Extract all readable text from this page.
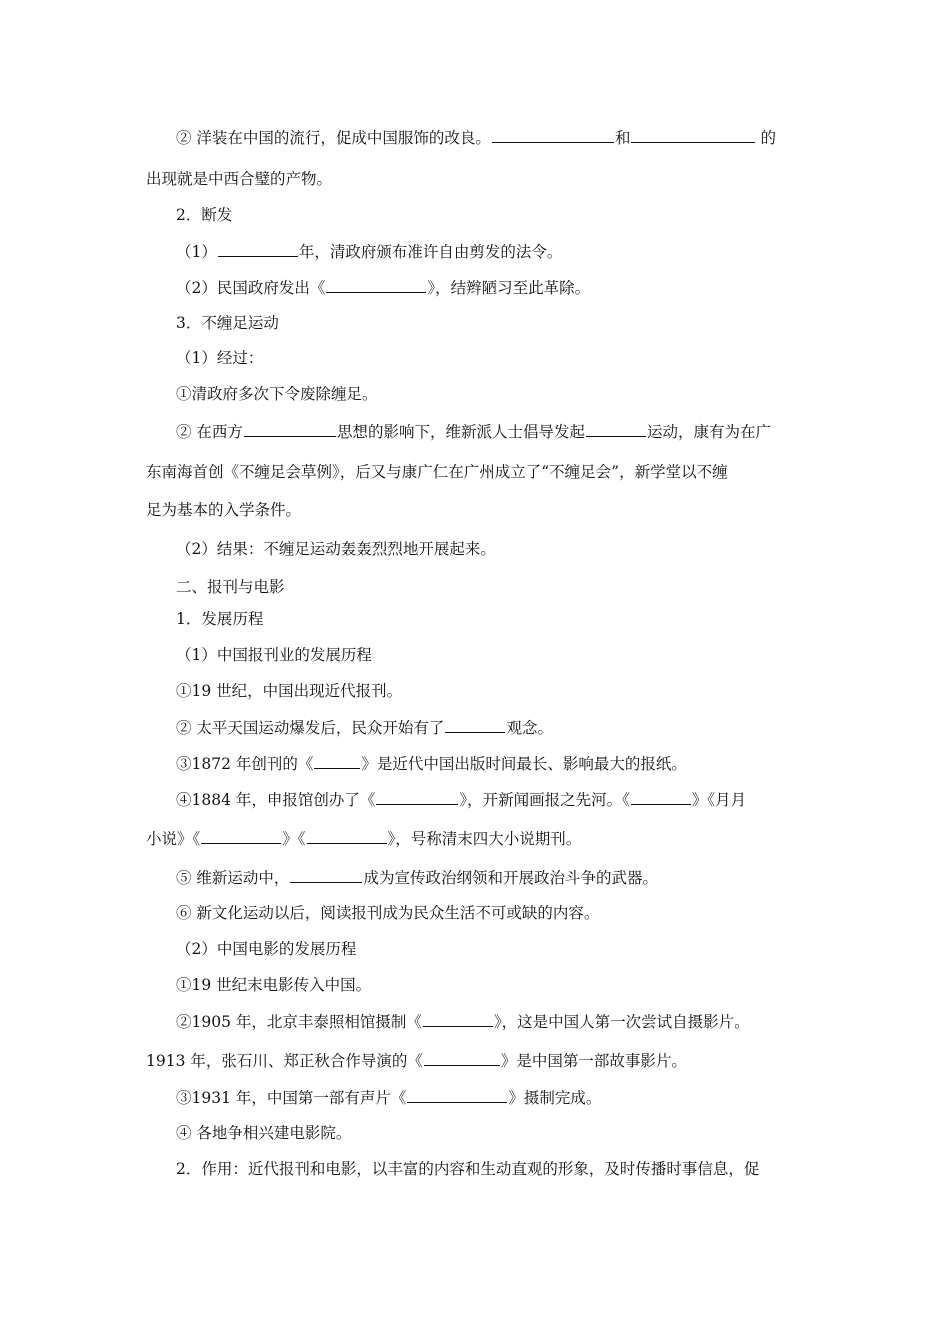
② 洋装在中国的流行，促成中国服饰的改良。	和	的
出现就是中西合璧的产物。
2．断发
（1）	年，清政府颁布准许自由剪发的法令。
（2）民国政府发出《	》，结辫陋习至此革除。
3．不缠足运动
（1）经过：
①清政府多次下令废除缠足。
② 在西方	思想的影响下，维新派人士倡导发起	运动，康有为在广
东南海首创《不缠足会草例》，后又与康广仁在广州成立了“不缠足会”，新学堂以不缠
足为基本的入学条件。
（2）结果：不缠足运动轰轰烈烈地开展起来。
二、报刊与电影
1．发展历程
（1）中国报刊业的发展历程
①19 世纪，中国出现近代报刊。
② 太平天国运动爆发后，民众开始有了	观念。
③1872 年创刊的《	》是近代中国出版时间最长、影响最大的报纸。
④1884 年，申报馆创办了《	》，开新闻画报之先河。《	》《月月
小说》《	》《	》，号称清末四大小说期刊。
⑤ 维新运动中，	成为宣传政治纲领和开展政治斗争的武器。
⑥ 新文化运动以后，阅读报刊成为民众生活不可或缺的内容。
（2）中国电影的发展历程
①19 世纪末电影传入中国。
②1905 年，北京丰泰照相馆摄制《	》，这是中国人第一次尝试自摄影片。
1913 年，张石川、郑正秋合作导演的《	》是中国第一部故事影片。
③1931 年，中国第一部有声片《	》摄制完成。
④ 各地争相兴建电影院。
2．作用：近代报刊和电影，以丰富的内容和生动直观的形象，及时传播时事信息，促
